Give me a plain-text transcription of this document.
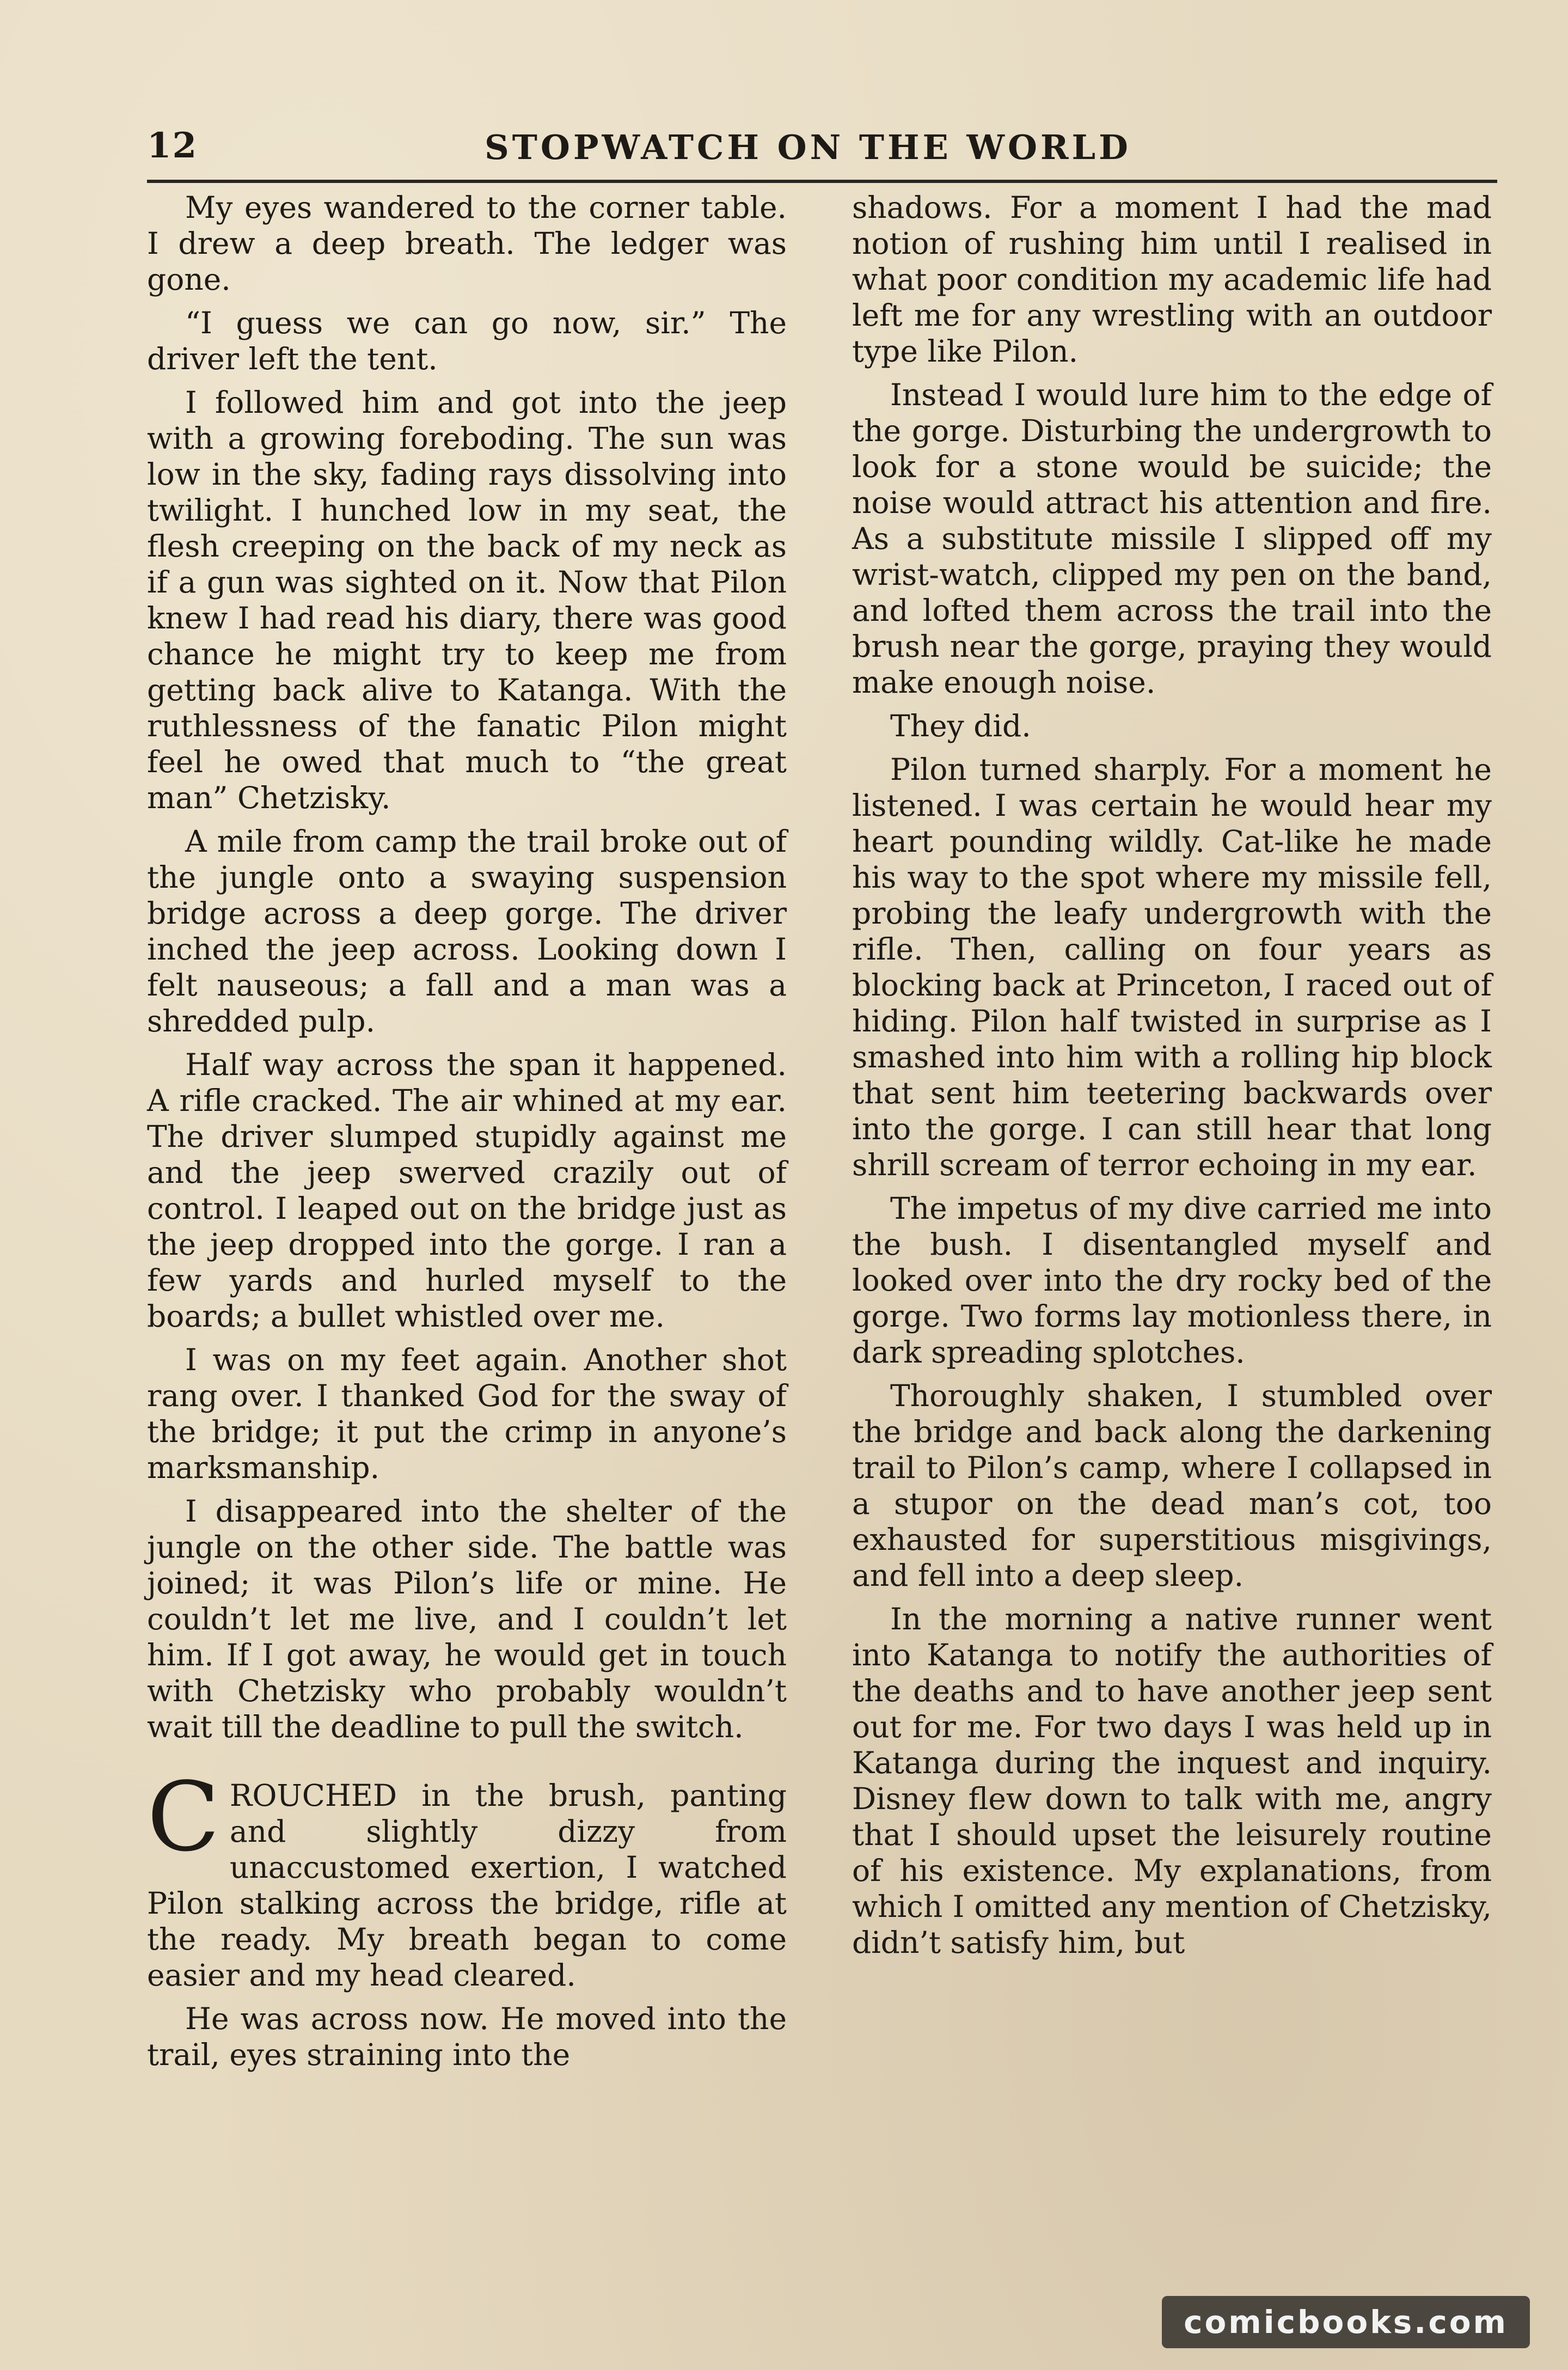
12	STOPWATCH ON THE WORLD

My eyes wandered to the corner table. I drew a deep breath. The ledger was gone.

“I guess we can go now, sir.” The driver left the tent.

I followed him and got into the jeep with a growing foreboding. The sun was low in the sky, fading rays dissolving into twilight. I hunched low in my seat, the flesh creeping on the back of my neck as if a gun was sighted on it. Now that Pilon knew I had read his diary, there was good chance he might try to keep me from getting back alive to Katanga. With the ruthlessness of the fanatic Pilon might feel he owed that much to “the great man” Chetzisky.

A mile from camp the trail broke out of the jungle onto a swaying suspension bridge across a deep gorge. The driver inched the jeep across. Looking down I felt nauseous; a fall and a man was a shredded pulp.

Half way across the span it happened. A rifle cracked. The air whined at my ear. The driver slumped stupidly against me and the jeep swerved crazily out of control. I leaped out on the bridge just as the jeep dropped into the gorge. I ran a few yards and hurled myself to the boards; a bullet whistled over me.

I was on my feet again. Another shot rang over. I thanked God for the sway of the bridge; it put the crimp in anyone’s marksmanship.

I disappeared into the shelter of the jungle on the other side. The battle was joined; it was Pilon’s life or mine. He couldn’t let me live, and I couldn’t let him. If I got away, he would get in touch with Chetzisky who probably wouldn’t wait till the deadline to pull the switch.

CROUCHED in the brush, panting and slightly dizzy from unaccustomed exertion, I watched Pilon stalking across the bridge, rifle at the ready. My breath began to come easier and my head cleared.

He was across now. He moved into the trail, eyes straining into the

shadows. For a moment I had the mad notion of rushing him until I realised in what poor condition my academic life had left me for any wrestling with an outdoor type like Pilon.

Instead I would lure him to the edge of the gorge. Disturbing the undergrowth to look for a stone would be suicide; the noise would attract his attention and fire. As a substitute missile I slipped off my wrist-watch, clipped my pen on the band, and lofted them across the trail into the brush near the gorge, praying they would make enough noise.

They did.

Pilon turned sharply. For a moment he listened. I was certain he would hear my heart pounding wildly. Cat-like he made his way to the spot where my missile fell, probing the leafy undergrowth with the rifle. Then, calling on four years as blocking back at Princeton, I raced out of hiding. Pilon half twisted in surprise as I smashed into him with a rolling hip block that sent him teetering backwards over into the gorge. I can still hear that long shrill scream of terror echoing in my ear.

The impetus of my dive carried me into the bush. I disentangled myself and looked over into the dry rocky bed of the gorge. Two forms lay motionless there, in dark spreading splotches.

Thoroughly shaken, I stumbled over the bridge and back along the darkening trail to Pilon’s camp, where I collapsed in a stupor on the dead man’s cot, too exhausted for superstitious misgivings, and fell into a deep sleep.

In the morning a native runner went into Katanga to notify the authorities of the deaths and to have another jeep sent out for me. For two days I was held up in Katanga during the inquest and inquiry. Disney flew down to talk with me, angry that I should upset the leisurely routine of his existence. My explanations, from which I omitted any mention of Chetzisky, didn’t satisfy him, but

comicbooks.com
